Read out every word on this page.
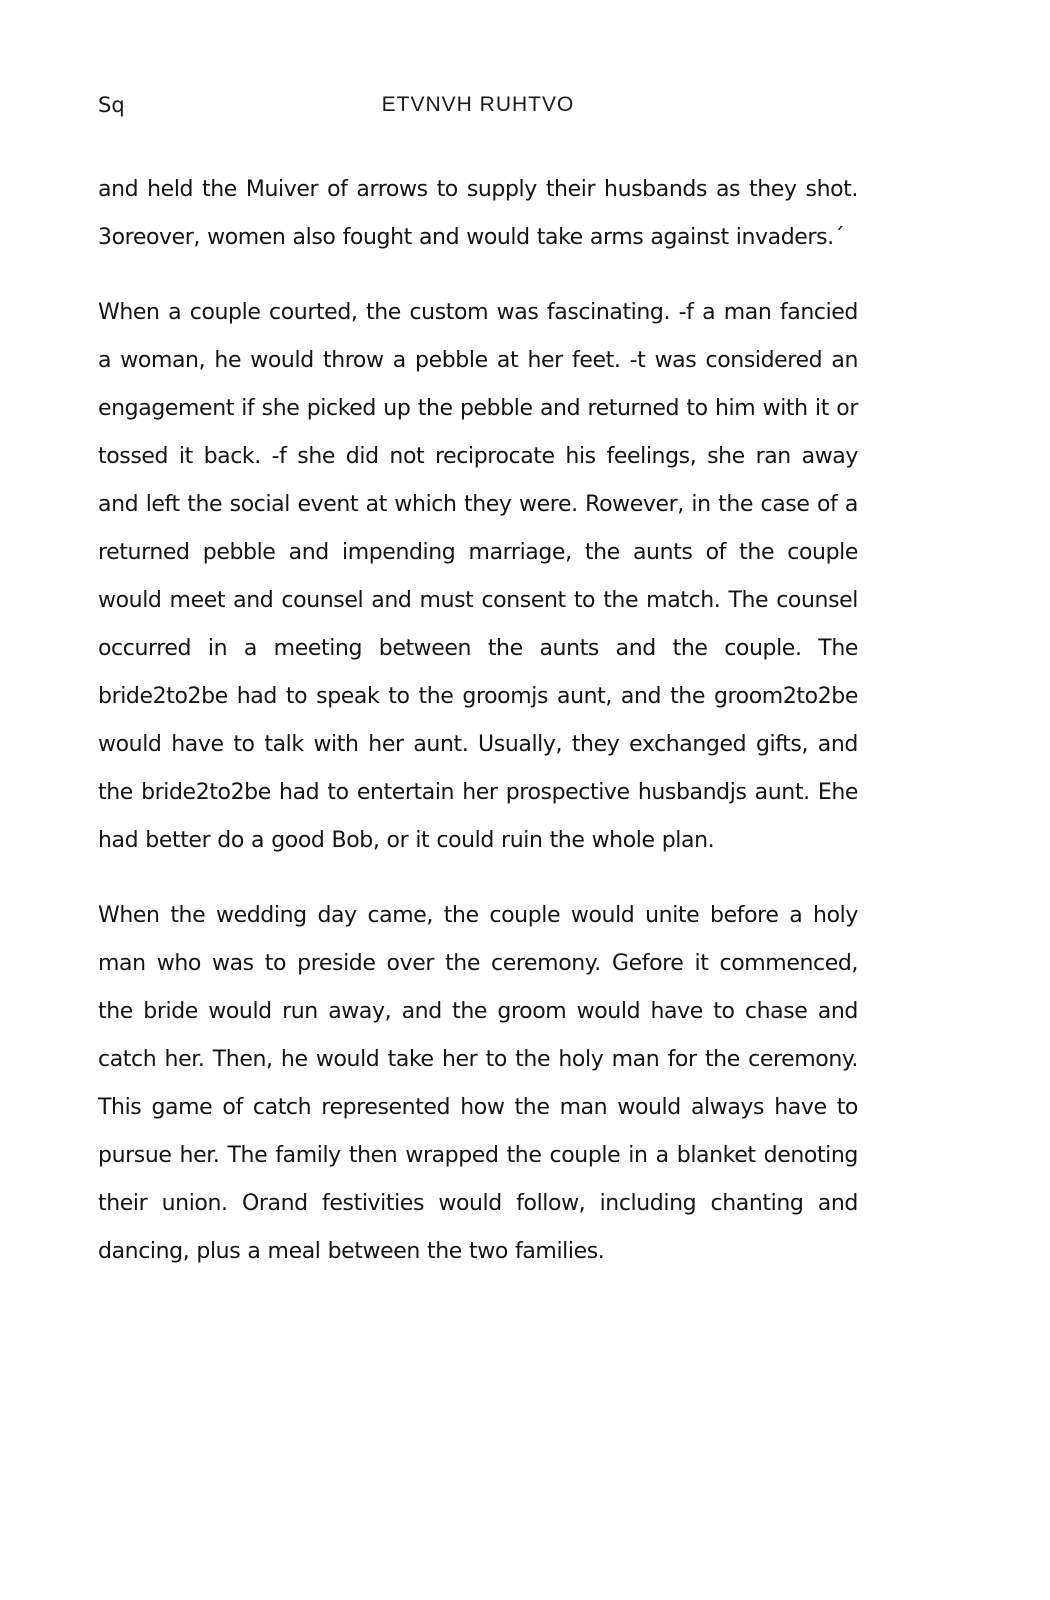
Sq	ETVNVH RUHTVO

and held the Muiver of arrows to supply their husbands as they shot. 3oreover, women also fought and would take arms against invaders.´

When a couple courted, the custom was fascinating. -f a man fancied a woman, he would throw a pebble at her feet. -t was considered an engagement if she picked up the pebble and returned to him with it or tossed it back. -f she did not reciprocate his feelings, she ran away and left the social event at which they were. Rowever, in the case of a returned pebble and impending marriage, the aunts of the couple would meet and counsel and must consent to the match. The counsel occurred in a meeting between the aunts and the couple. The bride2to2be had to speak to the groomjs aunt, and the groom2to2be would have to talk with her aunt. Usually, they exchanged gifts, and the bride2to2be had to entertain her prospective husbandjs aunt. Ehe had better do a good Bob, or it could ruin the whole plan.

When the wedding day came, the couple would unite before a holy man who was to preside over the ceremony. Gefore it commenced, the bride would run away, and the groom would have to chase and catch her. Then, he would take her to the holy man for the ceremony. This game of catch represented how the man would always have to pursue her. The family then wrapped the couple in a blanket denoting their union. Orand festivities would follow, including chanting and dancing, plus a meal between the two families.
